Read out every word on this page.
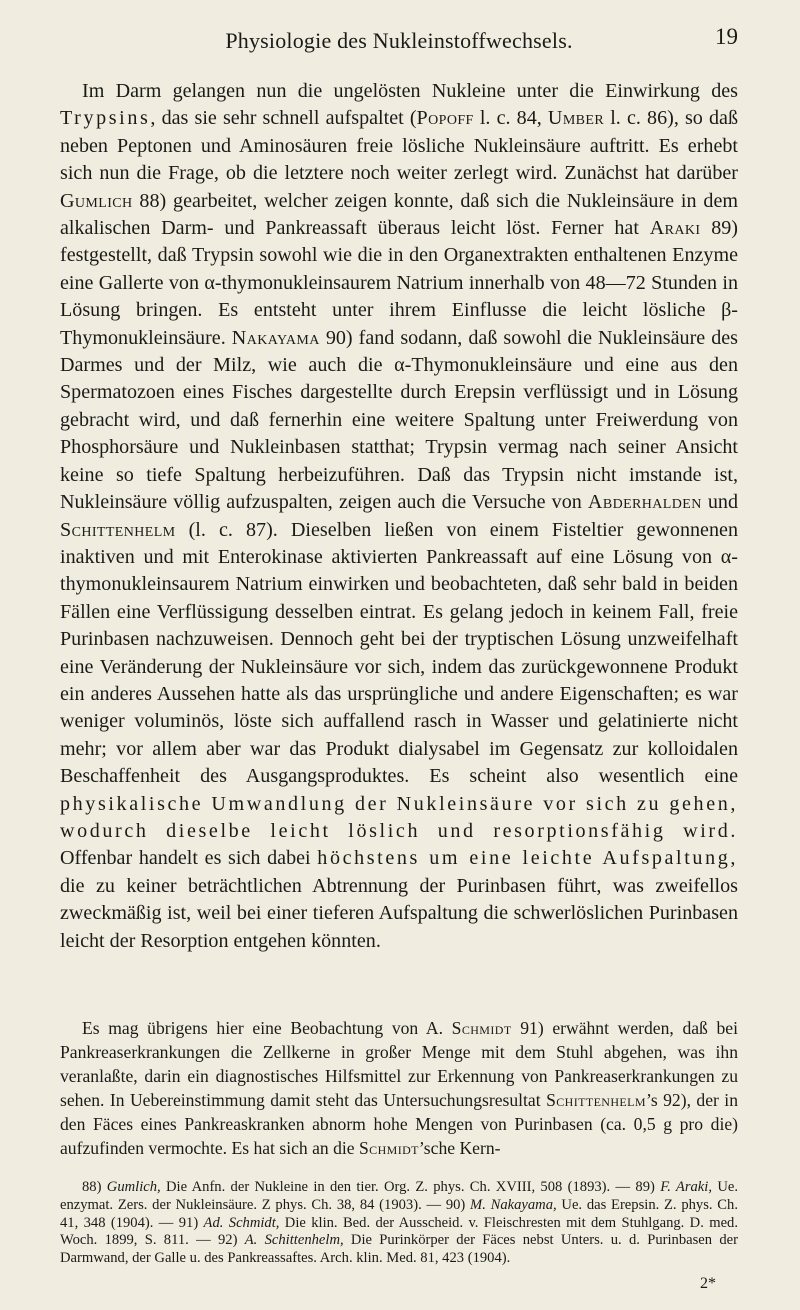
Physiologie des Nukleinstoffwechsels.	19

Im Darm gelangen nun die ungelösten Nukleine unter die Einwirkung des Trypsins, das sie sehr schnell aufspaltet (Popoff l. c. 84, Umber l. c. 86), so daß neben Peptonen und Aminosäuren freie lösliche Nukleinsäure auftritt. Es erhebt sich nun die Frage, ob die letztere noch weiter zerlegt wird. Zunächst hat darüber Gumlich 88) gearbeitet, welcher zeigen konnte, daß sich die Nukleinsäure in dem alkalischen Darm- und Pankreassaft überaus leicht löst. Ferner hat Araki 89) festgestellt, daß Trypsin sowohl wie die in den Organextrakten enthaltenen Enzyme eine Gallerte von α-thymonukleinsaurem Natrium innerhalb von 48—72 Stunden in Lösung bringen. Es entsteht unter ihrem Einflusse die leicht lösliche β-Thymonukleinsäure. Nakayama 90) fand sodann, daß sowohl die Nukleinsäure des Darmes und der Milz, wie auch die α-Thymonukleinsäure und eine aus den Spermatozoen eines Fisches dargestellte durch Erepsin verflüssigt und in Lösung gebracht wird, und daß fernerhin eine weitere Spaltung unter Freiwerdung von Phosphorsäure und Nukleinbasen statthat; Trypsin vermag nach seiner Ansicht keine so tiefe Spaltung herbeizuführen. Daß das Trypsin nicht imstande ist, Nukleinsäure völlig aufzuspalten, zeigen auch die Versuche von Abderhalden und Schittenhelm (l. c. 87). Dieselben ließen von einem Fisteltier gewonnenen inaktiven und mit Enterokinase aktivierten Pankreassaft auf eine Lösung von α-thymonukleinsaurem Natrium einwirken und beobachteten, daß sehr bald in beiden Fällen eine Verflüssigung desselben eintrat. Es gelang jedoch in keinem Fall, freie Purinbasen nachzuweisen. Dennoch geht bei der tryptischen Lösung unzweifelhaft eine Veränderung der Nukleinsäure vor sich, indem das zurückgewonnene Produkt ein anderes Aussehen hatte als das ursprüngliche und andere Eigenschaften; es war weniger voluminös, löste sich auffallend rasch in Wasser und gelatinierte nicht mehr; vor allem aber war das Produkt dialysabel im Gegensatz zur kolloidalen Beschaffenheit des Ausgangsproduktes. Es scheint also wesentlich eine physikalische Umwandlung der Nukleinsäure vor sich zu gehen, wodurch dieselbe leicht löslich und resorptionsfähig wird. Offenbar handelt es sich dabei höchstens um eine leichte Aufspaltung, die zu keiner beträchtlichen Abtrennung der Purinbasen führt, was zweifellos zweckmäßig ist, weil bei einer tieferen Aufspaltung die schwerlöslichen Purinbasen leicht der Resorption entgehen könnten.

Es mag übrigens hier eine Beobachtung von A. Schmidt 91) erwähnt werden, daß bei Pankreaserkrankungen die Zellkerne in großer Menge mit dem Stuhl abgehen, was ihn veranlaßte, darin ein diagnostisches Hilfsmittel zur Erkennung von Pankreaserkrankungen zu sehen. In Uebereinstimmung damit steht das Untersuchungsresultat Schittenhelm’s 92), der in den Fäces eines Pankreaskranken abnorm hohe Mengen von Purinbasen (ca. 0,5 g pro die) aufzufinden vermochte. Es hat sich an die Schmidt’sche Kern-

88) Gumlich, Die Anfn. der Nukleine in den tier. Org. Z. phys. Ch. XVIII, 508 (1893). — 89) F. Araki, Ue. enzymat. Zers. der Nukleinsäure. Z phys. Ch. 38, 84 (1903). — 90) M. Nakayama, Ue. das Erepsin. Z. phys. Ch. 41, 348 (1904). — 91) Ad. Schmidt, Die klin. Bed. der Ausscheid. v. Fleischresten mit dem Stuhlgang. D. med. Woch. 1899, S. 811. — 92) A. Schittenhelm, Die Purinkörper der Fäces nebst Unters. u. d. Purinbasen der Darmwand, der Galle u. des Pankreassaftes. Arch. klin. Med. 81, 423 (1904).

2*
